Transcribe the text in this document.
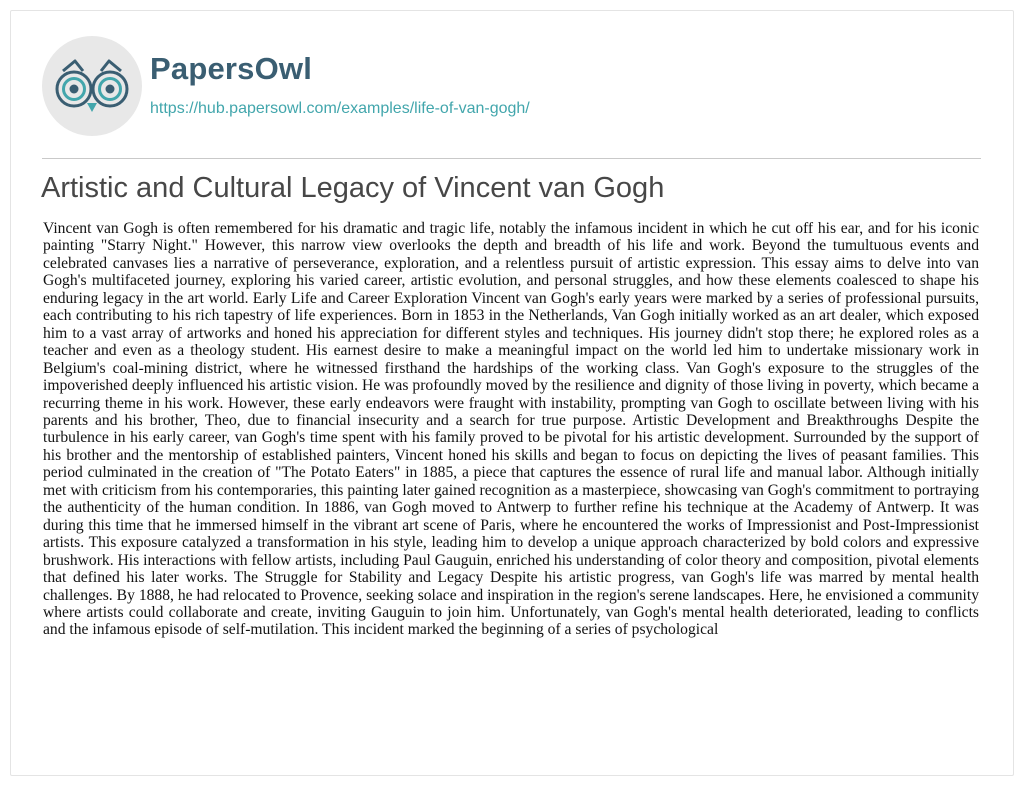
PapersOwl
https://hub.papersowl.com/examples/life-of-van-gogh/
Artistic and Cultural Legacy of Vincent van Gogh

Vincent van Gogh is often remembered for his dramatic and tragic life, notably the infamous incident in which he cut off his ear, and for his iconic painting "Starry Night." However, this narrow view overlooks the depth and breadth of his life and work. Beyond the tumultuous events and celebrated canvases lies a narrative of perseverance, exploration, and a relentless pursuit of artistic expression. This essay aims to delve into van Gogh's multifaceted journey, exploring his varied career, artistic evolution, and personal struggles, and how these elements coalesced to shape his enduring legacy in the art world. Early Life and Career Exploration Vincent van Gogh's early years were marked by a series of professional pursuits, each contributing to his rich tapestry of life experiences. Born in 1853 in the Netherlands, Van Gogh initially worked as an art dealer, which exposed him to a vast array of artworks and honed his appreciation for different styles and techniques. His journey didn't stop there; he explored roles as a teacher and even as a theology student. His earnest desire to make a meaningful impact on the world led him to undertake missionary work in Belgium's coal-mining district, where he witnessed firsthand the hardships of the working class. Van Gogh's exposure to the struggles of the impoverished deeply influenced his artistic vision. He was profoundly moved by the resilience and dignity of those living in poverty, which became a recurring theme in his work. However, these early endeavors were fraught with instability, prompting van Gogh to oscillate between living with his parents and his brother, Theo, due to financial insecurity and a search for true purpose. Artistic Development and Breakthroughs Despite the turbulence in his early career, van Gogh's time spent with his family proved to be pivotal for his artistic development. Surrounded by the support of his brother and the mentorship of established painters, Vincent honed his skills and began to focus on depicting the lives of peasant families. This period culminated in the creation of "The Potato Eaters" in 1885, a piece that captures the essence of rural life and manual labor. Although initially met with criticism from his contemporaries, this painting later gained recognition as a masterpiece, showcasing van Gogh's commitment to portraying the authenticity of the human condition. In 1886, van Gogh moved to Antwerp to further refine his technique at the Academy of Antwerp. It was during this time that he immersed himself in the vibrant art scene of Paris, where he encountered the works of Impressionist and Post-Impressionist artists. This exposure catalyzed a transformation in his style, leading him to develop a unique approach characterized by bold colors and expressive brushwork. His interactions with fellow artists, including Paul Gauguin, enriched his understanding of color theory and composition, pivotal elements that defined his later works. The Struggle for Stability and Legacy Despite his artistic progress, van Gogh's life was marred by mental health challenges. By 1888, he had relocated to Provence, seeking solace and inspiration in the region's serene landscapes. Here, he envisioned a community where artists could collaborate and create, inviting Gauguin to join him. Unfortunately, van Gogh's mental health deteriorated, leading to conflicts and the infamous episode of self-mutilation. This incident marked the beginning of a series of psychological
